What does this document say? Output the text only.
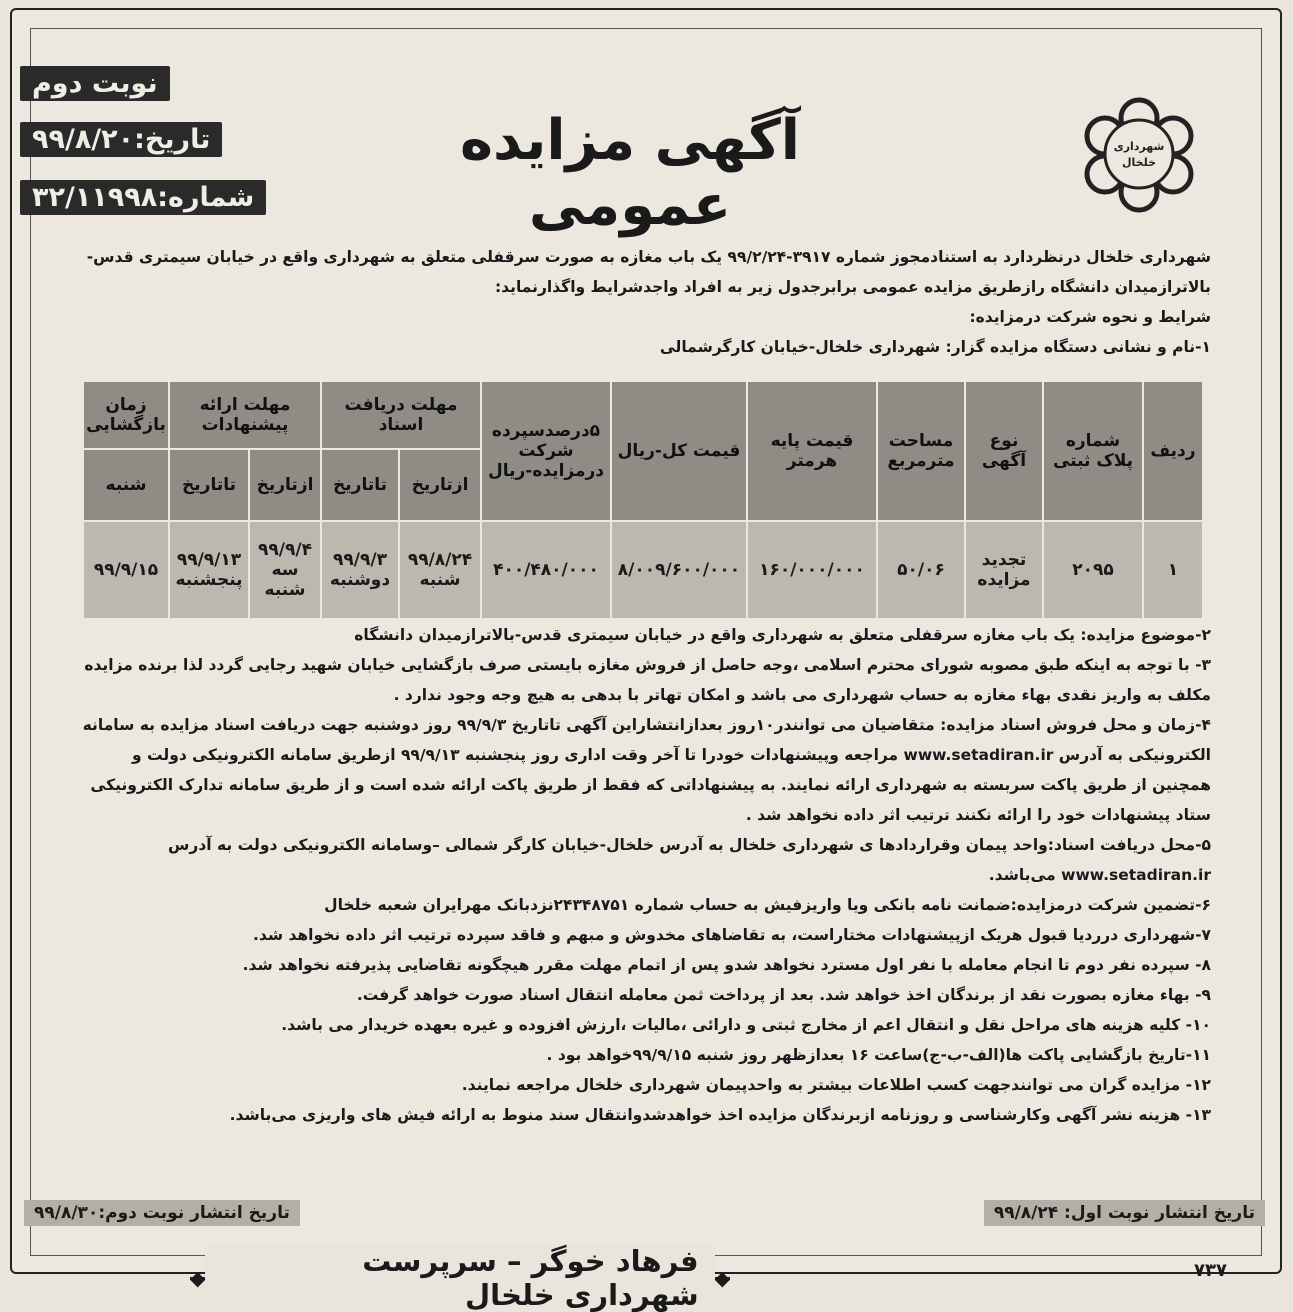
نوبت دوم
تاریخ:۹۹/۸/۲۰
شماره:۳۲/۱۱۹۹۸
شهرداری
خلخال
آگهی مزایده عمومی
شهرداری خلخال درنظردارد به استنادمجوز شماره ۳۹۱۷-۹۹/۲/۲۴ یک باب مغازه به صورت سرقفلی متعلق به شهرداری واقع در خیابان سیمتری قدس-بالاترازمیدان دانشگاه رازطریق مزایده عمومی برابرجدول زیر به افراد واجدشرایط واگذارنماید:
شرایط و نحوه شرکت درمزایده:
۱-نام و نشانی دستگاه مزایده گزار: شهرداری خلخال-خیابان کارگرشمالی
ردیف	شماره پلاک ثبتی	نوع آگهی	مساحت مترمربع	قیمت پایه هرمتر	قیمت کل-ریال	۵درصدسپرده شرکت درمزایده-ریال	مهلت دریافت اسناد		مهلت ارائه پیشنهادات		زمان بازگشایی
							ازتاریخ	تاتاریخ	ازتاریخ	تاتاریخ	شنبه
۱	۲۰۹۵	تجدید مزایده	۵۰/۰۶	۱۶۰/۰۰۰/۰۰۰	۸/۰۰۹/۶۰۰/۰۰۰	۴۰۰/۴۸۰/۰۰۰	۹۹/۸/۲۴ شنبه	۹۹/۹/۳ دوشنبه	۹۹/۹/۴ سه شنبه	۹۹/۹/۱۳ پنجشنبه	۹۹/۹/۱۵

۲-موضوع مزایده: یک باب مغازه سرقفلی متعلق به شهرداری واقع در خیابان سیمتری قدس-بالاترازمیدان دانشگاه

۳- با توجه به اینکه طبق مصوبه شورای محترم اسلامی ،وجه حاصل از فروش مغازه بایستی صرف بازگشایی خیابان شهید رجایی گردد لذا برنده مزایده مکلف به واریز نقدی بهاء مغازه به حساب شهرداری می باشد و امکان تهاتر با بدهی به هیچ وجه وجود ندارد .

۴-زمان و محل فروش اسناد مزایده: متقاضیان می توانندر۱۰روز بعدازانتشاراین آگهی تاتاریخ ۹۹/۹/۳ روز دوشنبه جهت دریافت اسناد مزایده به سامانه الکترونیکی به آدرس www.setadiran.ir مراجعه وپیشنهادات خودرا تا آخر وقت اداری روز پنجشنبه ۹۹/۹/۱۳ ازطریق سامانه الکترونیکی دولت و همچنین از طریق پاکت سربسته به شهرداری ارائه نمایند. به پیشنهاداتی که فقط از طریق پاکت ارائه شده است و از طریق سامانه تدارک الکترونیکی ستاد پیشنهادات خود را ارائه نکنند ترتیب اثر داده نخواهد شد .

۵-محل دریافت اسناد:واحد پیمان وقراردادها ی شهرداری خلخال به آدرس خلخال-خیابان کارگر شمالی –وسامانه الکترونیکی دولت به آدرس www.setadiran.ir می‌باشد.

۶-تضمین شرکت درمزایده:ضمانت نامه بانکی ویا واریزفیش به حساب شماره ۲۴۳۴۸۷۵۱نزدبانک مهرایران شعبه خلخال

۷-شهرداری درردیا قبول هریک ازپیشنهادات مختاراست، به تقاضاهای مخدوش و مبهم و فاقد سپرده ترتیب اثر داده نخواهد شد.

۸- سپرده نفر دوم تا انجام معامله با نفر اول مسترد نخواهد شدو پس از اتمام مهلت مقرر هیچگونه تقاضایی پذیرفته نخواهد شد.

۹- بهاء مغازه بصورت نقد از برندگان اخذ خواهد شد. بعد از پرداخت ثمن معامله انتقال اسناد صورت خواهد گرفت.

۱۰- کلیه هزینه های مراحل نقل و انتقال اعم از مخارج ثبتی و دارائی ،مالیات ،ارزش افزوده و غیره بعهده خریدار می باشد.

۱۱-تاریخ بازگشایی پاکت ها(الف-ب-ج)ساعت ۱۶ بعدازظهر روز شنبه ۹۹/۹/۱۵خواهد بود .

۱۲- مزایده گران می توانندجهت کسب اطلاعات بیشتر به واحدپیمان شهرداری خلخال مراجعه نمایند.

۱۳- هزینه نشر آگهی وکارشناسی و روزنامه ازبرندگان مزایده اخذ خواهدشدوانتقال سند منوط به ارائه فیش های واریزی می‌باشد.

تاریخ انتشار نوبت دوم:۹۹/۸/۳۰	تاریخ انتشار نوبت اول: ۹۹/۸/۲۴
◆
فرهاد خوگر – سرپرست شهرداری خلخال
◆	۷۳۷
